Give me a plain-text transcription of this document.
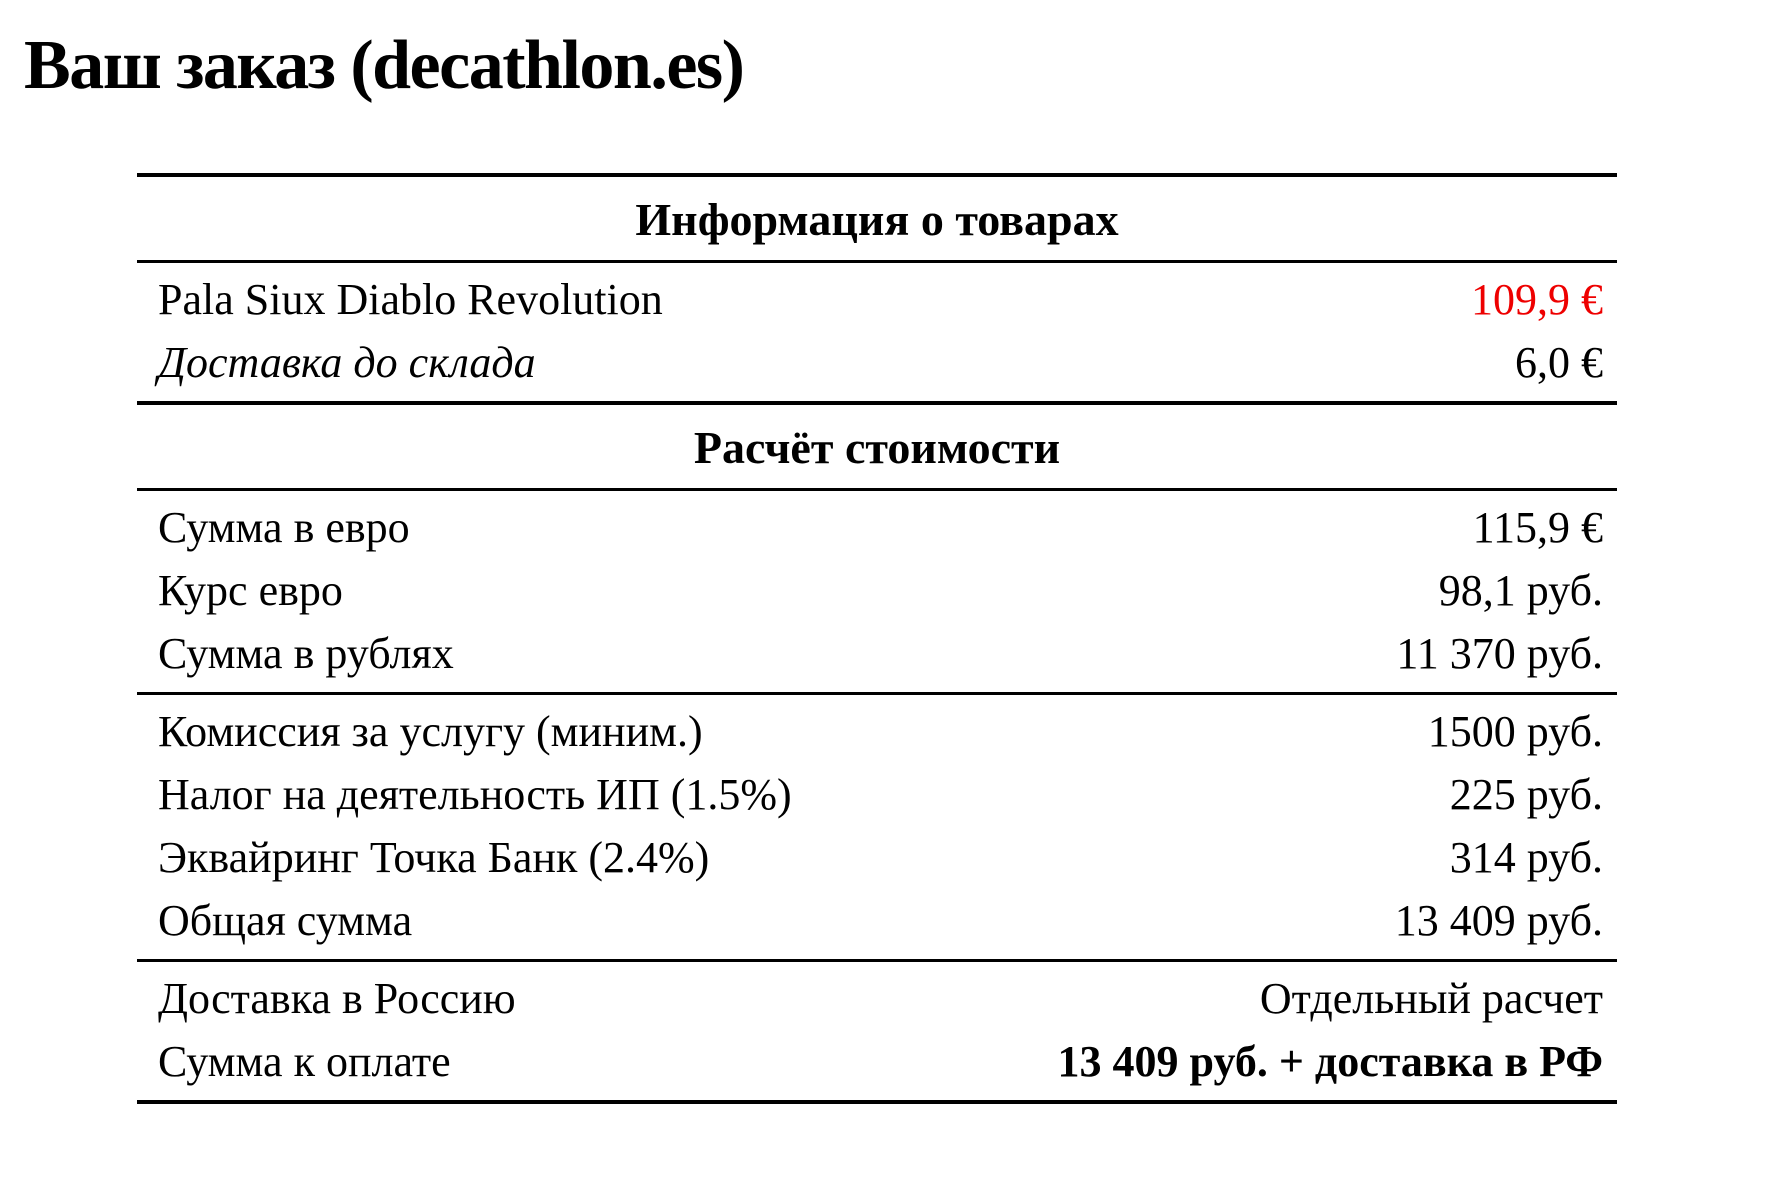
Ваш заказ (decathlon.es)
Информация о товарах
Pala Siux Diablo Revolution	109,9 €
Доставка до склада	6,0 €
Расчёт стоимости
Сумма в евро	115,9 €
Курс евро	98,1 руб.
Сумма в рублях	11 370 руб.
Комиссия за услугу (миним.)	1500 руб.
Налог на деятельность ИП (1.5%)	225 руб.
Эквайринг Точка Банк (2.4%)	314 руб.
Общая сумма	13 409 руб.
Доставка в Россию	Отдельный расчет
Сумма к оплате	13 409 руб. + доставка в РФ
